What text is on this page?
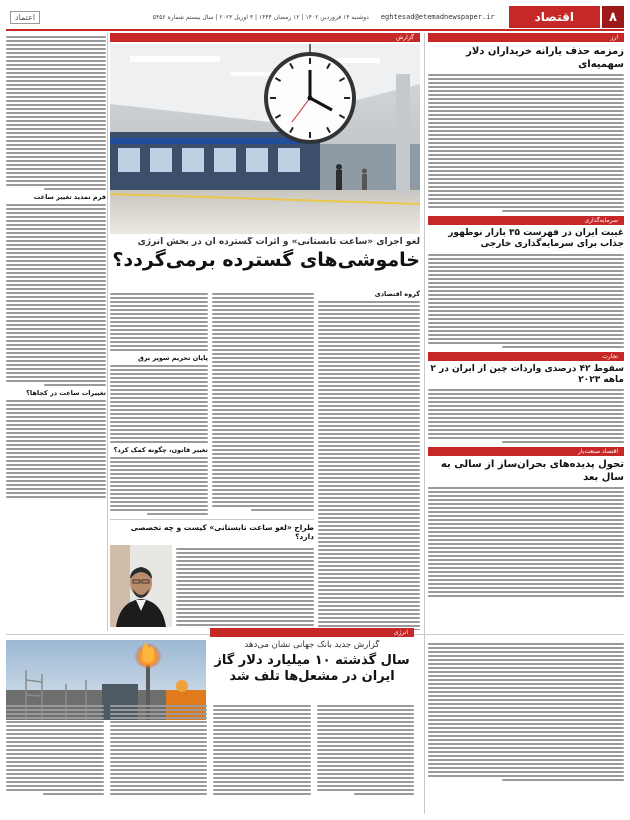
۸
اقتصاد
eghtesad@etemadnewspaper.ir
دوشنبه ۱۴ فروردین ۱۴۰۲ | ۱۲ رمضان ۱۴۴۴ | ۳ آوریل ۲۰۲۳ | سال بیستم شماره ۵۴۵۶
اعتماد
ارز
زمزمه حذف یارانه خریداران دلار سهمیه‌ای
سرمایه‌گذاری
غیبت ایران در فهرست ۳۵ بازار نوظهور جذاب برای سرمایه‌گذاری خارجی
تجارت
سقوط ۴۲ درصدی واردات چین از ایران در ۲ ماهه ۲۰۲۳
اقتصاد صنعت‌یار
تحول پدیده‌های بحران‌ساز از سالی به سال بعد
گزارش
فرم تمدید تغییر ساعت
تغییرات ساعت در کجاها؟
لغو اجرای «ساعت تابستانی» و اثرات گسترده آن در بخش انرژی
خاموشی‌های گسترده برمی‌گردد؟
گروه اقتصادی
پایان تحریم سوپر برق
تغییر قانون، چگونه کمک کرد؟
طراح «لغو ساعت تابستانی» کیست و چه تخصصی دارد؟
انرژی
گزارش جدید بانک جهانی نشان می‌دهد
سال گذشته ۱۰ میلیارد دلار گاز ایران در مشعل‌ها تلف شد
